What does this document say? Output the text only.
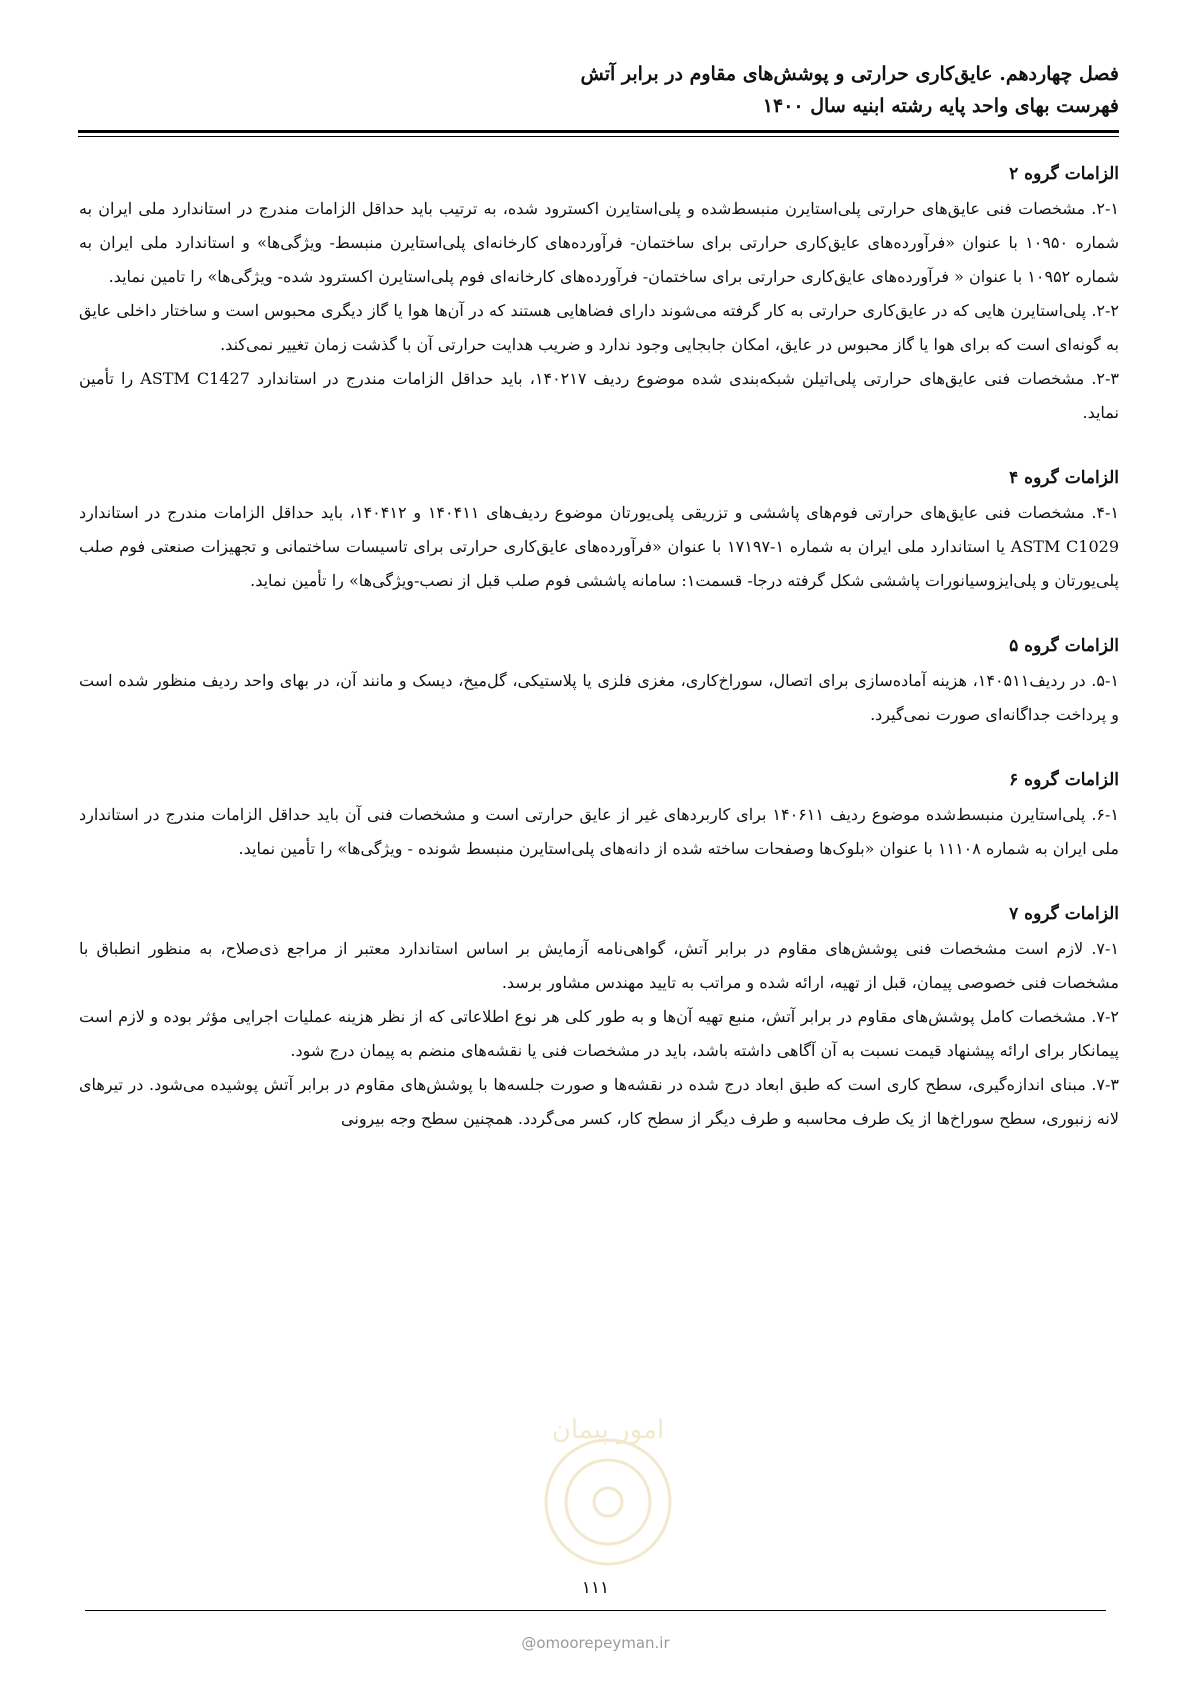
فصل چهاردهم. عایق‌کاری حرارتی و پوشش‌های مقاوم در برابر آتش

فهرست بهای واحد پایه رشته ابنیه سال ۱۴۰۰

الزامات گروه ۲

۲-۱. مشخصات فنی عایق‌های حرارتی پلی‌استایرن منبسط‌شده و پلی‌استایرن اکسترود شده، به ترتیب باید حداقل الزامات مندرج در استاندارد ملی ایران به شماره ۱۰۹۵۰ با عنوان «فرآورده‌های عایق‌کاری حرارتی برای ساختمان- فرآورده‌های کارخانه‌ای پلی‌استایرن منبسط- ویژگی‌ها» و استاندارد ملی ایران به شماره ۱۰۹۵۲ با عنوان « فرآورده‌های عایق‌کاری حرارتی برای ساختمان- فرآورده‌های کارخانه‌ای فوم پلی‌استایرن اکسترود شده- ویژگی‌ها» را تامین نماید.

۲-۲. پلی‌استایرن هایی که در عایق‌کاری حرارتی به کار گرفته می‌شوند دارای فضاهایی هستند که در آن‌ها هوا یا گاز دیگری محبوس است و ساختار داخلی عایق به گونه‌ای است که برای هوا یا گاز محبوس در عایق، امکان جابجایی وجود ندارد و ضریب هدایت حرارتی آن با گذشت زمان تغییر نمی‌کند.

۲-۳. مشخصات فنی عایق‌های حرارتی پلی‌اتیلن شبکه‌بندی شده موضوع ردیف ۱۴۰۲۱۷، باید حداقل الزامات مندرج در استاندارد ASTM C1427 را تأمین نماید.

الزامات گروه ۴

۴-۱. مشخصات فنی عایق‌های حرارتی فوم‌های پاششی و تزریقی پلی‌یورتان موضوع ردیف‌های ۱۴۰۴۱۱ و ۱۴۰۴۱۲، باید حداقل الزامات مندرج در استاندارد ASTM C1029 یا استاندارد ملی ایران به شماره ۱-۱۷۱۹۷ با عنوان «فرآورده‌های عایق‌کاری حرارتی برای تاسیسات ساختمانی و تجهیزات صنعتی فوم صلب پلی‌یورتان و پلی‌ایزوسیانورات پاششی شکل گرفته درجا- قسمت۱: سامانه پاششی فوم صلب قبل از نصب-ویژگی‌ها» را تأمین نماید.

الزامات گروه ۵

۵-۱. در ردیف۱۴۰۵۱۱، هزینه آماده‌سازی برای اتصال، سوراخ‌کاری، مغزی فلزی یا پلاستیکی، گل‌میخ، دیسک و مانند آن، در بهای واحد ردیف منظور شده است و پرداخت جداگانه‌ای صورت نمی‌گیرد.

الزامات گروه ۶

۶-۱. پلی‌استایرن منبسط‌شده موضوع ردیف ۱۴۰۶۱۱ برای کاربردهای غیر از عایق حرارتی است و مشخصات فنی آن باید حداقل الزامات مندرج در استاندارد ملی ایران به شماره ۱۱۱۰۸ با عنوان «بلوک‌ها وصفحات ساخته شده از دانه‌های پلی‌استایرن منبسط شونده - ویژگی‌ها» را تأمین نماید.

الزامات گروه ۷

۷-۱. لازم است مشخصات فنی پوشش‌های مقاوم در برابر آتش، گواهی‌نامه آزمایش بر اساس استاندارد معتبر از مراجع ذی‌صلاح، به منظور انطباق با مشخصات فنی خصوصی پیمان، قبل از تهیه، ارائه شده و مراتب به تایید مهندس مشاور برسد.

۷-۲. مشخصات کامل پوشش‌های مقاوم در برابر آتش، منبع تهیه آن‌ها و به طور کلی هر نوع اطلاعاتی که از نظر هزینه عملیات اجرایی مؤثر بوده و لازم است پیمانکار برای ارائه پیشنهاد قیمت نسبت به آن آگاهی داشته باشد، باید در مشخصات فنی یا نقشه‌های منضم به پیمان درج شود.

۷-۳. مبنای اندازه‌گیری، سطح کاری است که طبق ابعاد درج شده در نقشه‌ها و صورت جلسه‌ها با پوشش‌های مقاوم در برابر آتش پوشیده می‌شود. در تیرهای لانه زنبوری، سطح سوراخ‌ها از یک طرف محاسبه و طرف دیگر از سطح کار، کسر می‌گردد. همچنین سطح وجه بیرونی

امور پیمان
۱۱۱
@omoorepeyman.ir
